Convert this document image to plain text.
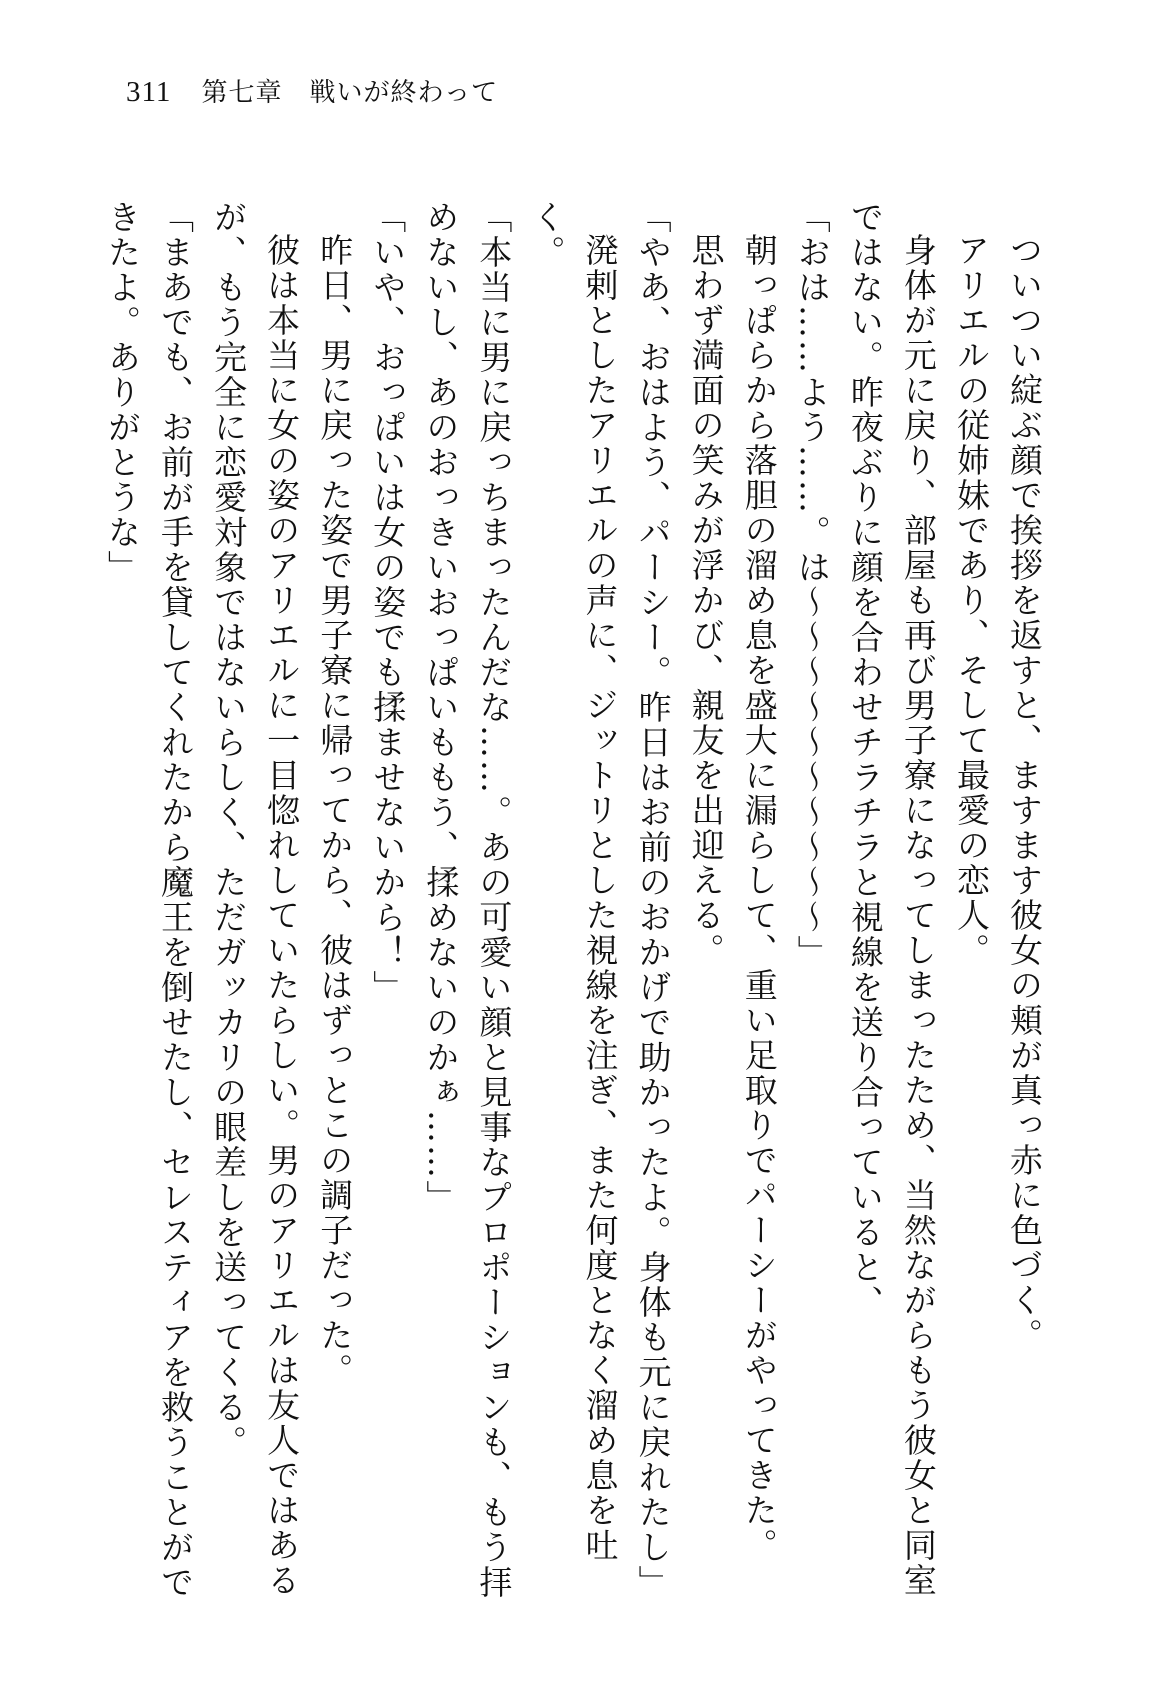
311 第七章　戦いが終わって

ついつい綻ぶ顔で挨拶を返すと、ますます彼女の頬が真っ赤に色づく。

アリエルの従姉妹であり、そして最愛の恋人。

身体が元に戻り、部屋も再び男子寮になってしまったため、当然ながらもう彼女と同室ではない。昨夜ぶりに顔を合わせチラチラと視線を送り合っていると、

「おは……よう……。は〜〜〜〜〜〜〜〜〜〜」

朝っぱらから落胆の溜め息を盛大に漏らして、重い足取りでパーシーがやってきた。

思わず満面の笑みが浮かび、親友を出迎える。

「やあ、おはよう、パーシー。昨日はお前のおかげで助かったよ。身体も元に戻れたし」

溌剌としたアリエルの声に、ジットリとした視線を注ぎ、また何度となく溜め息を吐く。

「本当に男に戻っちまったんだな……。あの可愛い顔と見事なプロポーションも、もう拝めないし、あのおっきいおっぱいももう、揉めないのかぁ……」

「いや、おっぱいは女の姿でも揉ませないから！」

昨日、男に戻った姿で男子寮に帰ってから、彼はずっとこの調子だった。

彼は本当に女の姿のアリエルに一目惚れしていたらしい。男のアリエルは友人ではあるが、もう完全に恋愛対象ではないらしく、ただガッカリの眼差しを送ってくる。

「まあでも、お前が手を貸してくれたから魔王を倒せたし、セレスティアを救うことができたよ。ありがとうな」
